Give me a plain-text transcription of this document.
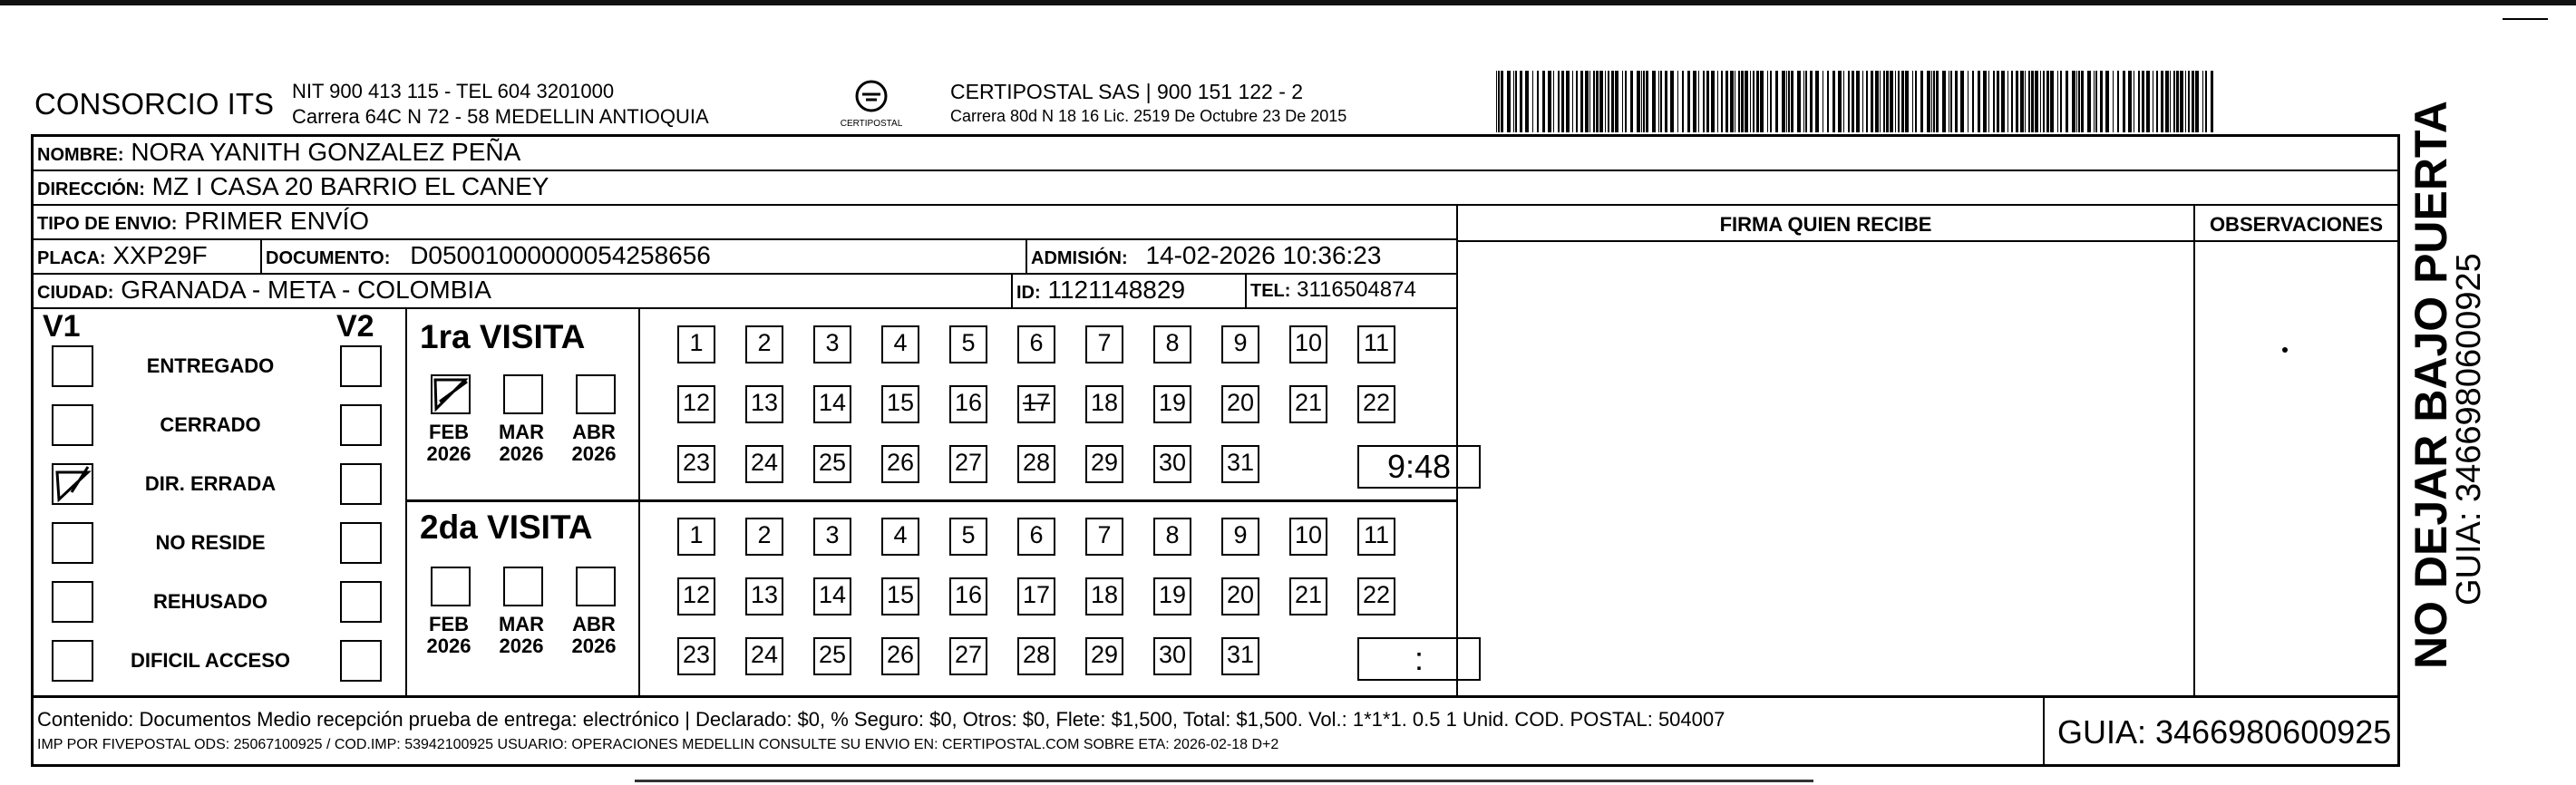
CONSORCIO ITS NIT 900 413 115 - TEL 604 3201000
Carrera 64C N 72 - 58 MEDELLIN ANTIOQUIA	CERTIPOSTAL
CERTIPOSTAL SAS | 900 151 122 - 2
Carrera 80d N 18 16 Lic. 2519 De Octubre 23 De 2015
NOMBRE: NORA YANITH GONZALEZ PEÑA
DIRECCIÓN: MZ I CASA 20 BARRIO EL CANEY
TIPO DE ENVIO: PRIMER ENVÍO
PLACA: XXP29F	DOCUMENTO: D05001000000054258656	ADMISIÓN: 14-02-2026 10:36:23
CIUDAD: GRANADA - META - COLOMBIA	ID: 1121148829	TEL: 3116504874
FIRMA QUIEN RECIBE	OBSERVACIONES
V1	V2
ENTREGADO
CERRADO
DIR. ERRADA
NO RESIDE
REHUSADO
DIFICIL ACCESO
1ra VISITA
2da VISITA
FEB
2026
MAR
2026
ABR
2026
1	2	3	4	5	6	7	8	9	10 11
12 13 14 15 16 17 18 19 20 21 22
23 24 25 26 27 28 29 30 31	9:48
FEB
2026
MAR
2026
ABR
2026
1	2	3	4	5	6	7	8	9	10 11
12 13 14 15 16 17 18 19 20 21 22
23 24 25 26 27 28 29 30 31	:
Contenido: Documentos Medio recepción prueba de entrega: electrónico | Declarado: $0, % Seguro: $0, Otros: $0, Flete: $1,500, Total: $1,500. Vol.: 1*1*1. 0.5 1 Unid. COD. POSTAL: 504007
IMP POR FIVEPOSTAL ODS: 25067100925 / COD.IMP: 53942100925 USUARIO: OPERACIONES MEDELLIN CONSULTE SU ENVIO EN: CERTIPOSTAL.COM SOBRE ETA: 2026-02-18 D+2	GUIA: 3466980600925
NO DEJAR BAJO PUERTA
GUIA: 3466980600925
